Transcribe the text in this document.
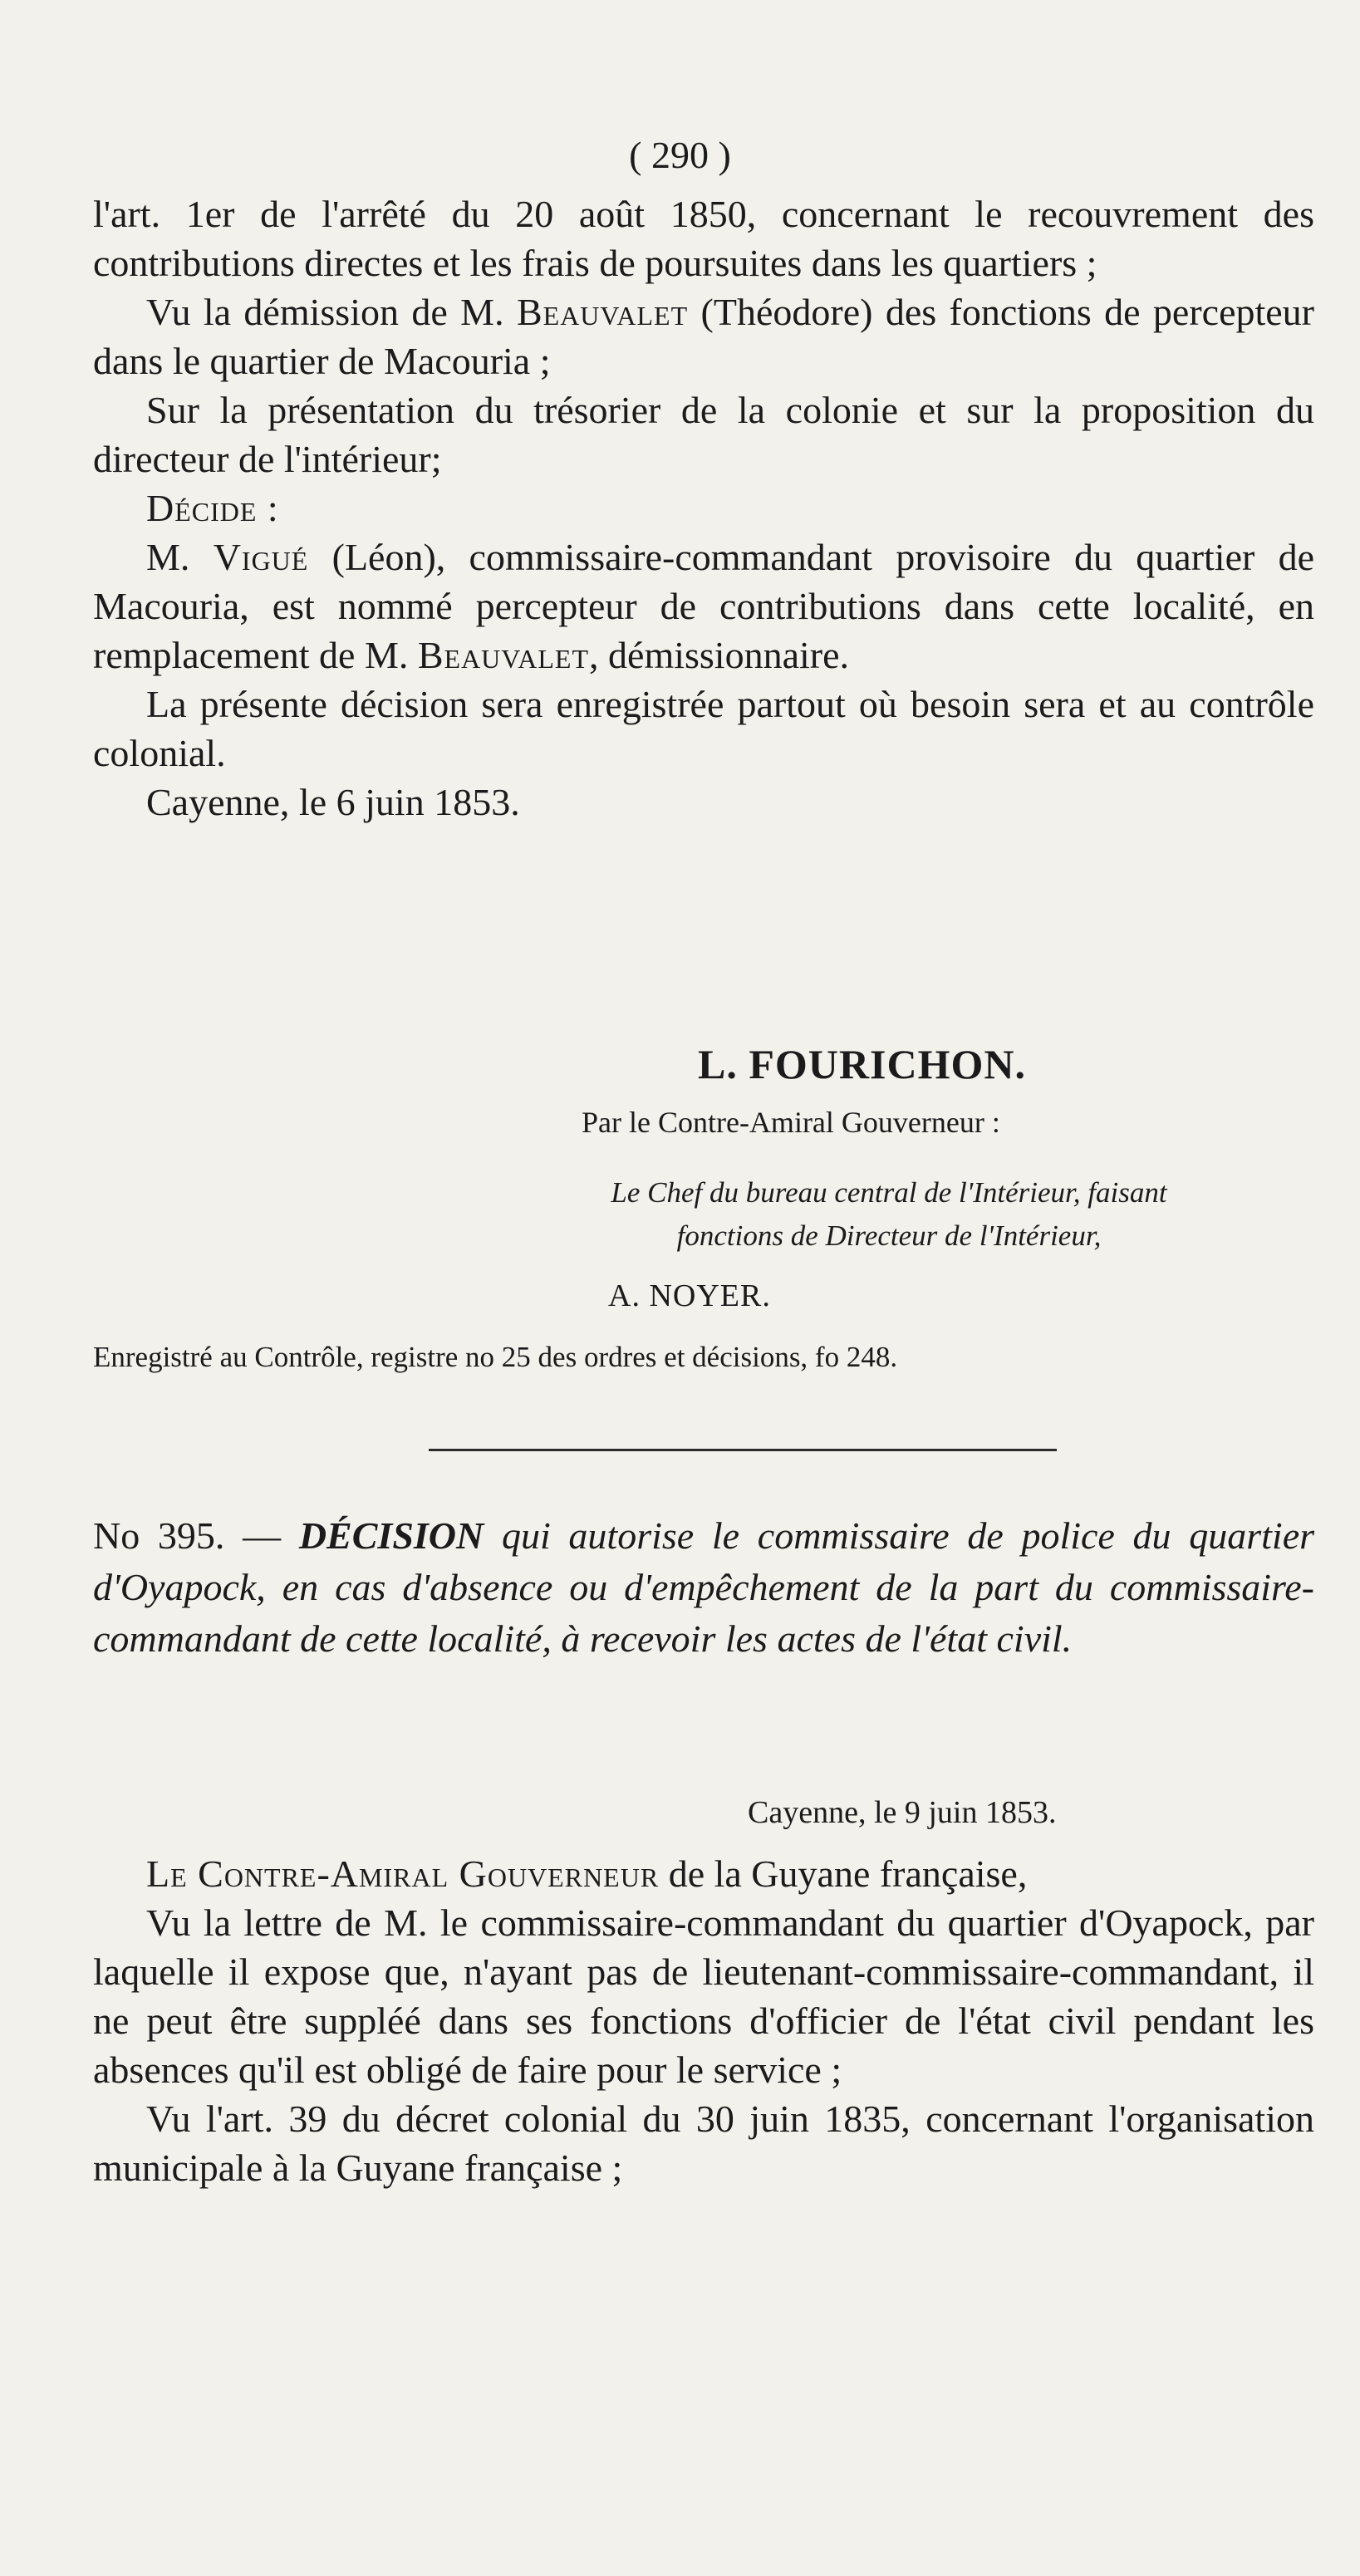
( 290 )

l'art. 1er de l'arrêté du 20 août 1850, concernant le recouvrement des contributions directes et les frais de poursuites dans les quartiers ;

Vu la démission de M. Beauvalet (Théodore) des fonctions de percepteur dans le quartier de Macouria ;

Sur la présentation du trésorier de la colonie et sur la proposition du directeur de l'intérieur;

Décide :

M. Vigué (Léon), commissaire-commandant provisoire du quartier de Macouria, est nommé percepteur de contributions dans cette localité, en remplacement de M. Beauvalet, démissionnaire.

La présente décision sera enregistrée partout où besoin sera et au contrôle colonial.

Cayenne, le 6 juin 1853.

L. FOURICHON.
Par le Contre-Amiral Gouverneur :
Le Chef du bureau central de l'Intérieur, faisant
fonctions de Directeur de l'Intérieur,
A. NOYER.
Enregistré au Contrôle, registre no 25 des ordres et décisions, fo 248.
No 395. — DÉCISION qui autorise le commissaire de police du quartier d'Oyapock, en cas d'absence ou d'empêchement de la part du commissaire-commandant de cette localité, à recevoir les actes de l'état civil.
Cayenne, le 9 juin 1853.

Le Contre-Amiral Gouverneur de la Guyane française,

Vu la lettre de M. le commissaire-commandant du quartier d'Oyapock, par laquelle il expose que, n'ayant pas de lieutenant-commissaire-commandant, il ne peut être suppléé dans ses fonctions d'officier de l'état civil pendant les absences qu'il est obligé de faire pour le service ;

Vu l'art. 39 du décret colonial du 30 juin 1835, concernant l'organisation municipale à la Guyane française ;
